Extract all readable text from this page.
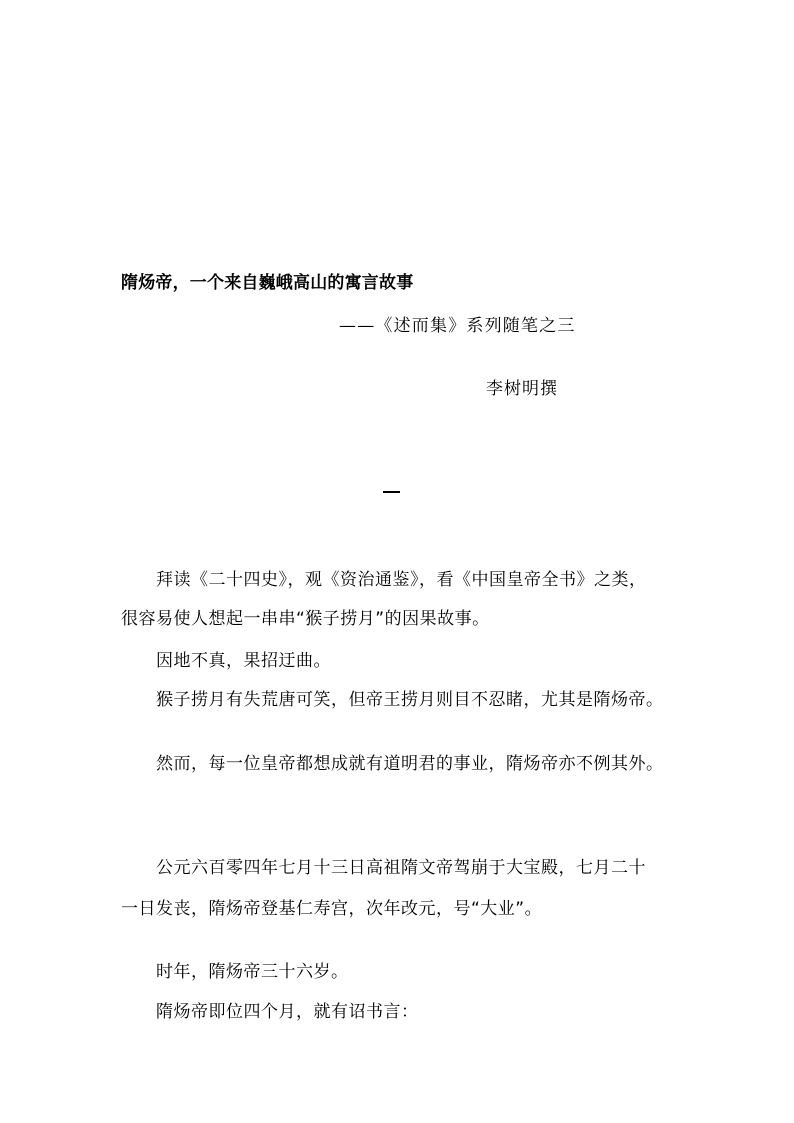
隋炀帝，一个来自巍峨高山的寓言故事
——《述而集》系列随笔之三
李树明撰
拜读《二十四史》，观《资治通鉴》，看《中国皇帝全书》之类，
很容易使人想起一串串“猴子捞月”的因果故事。
因地不真，果招迂曲。
猴子捞月有失荒唐可笑，但帝王捞月则目不忍睹，尤其是隋炀帝。
然而，每一位皇帝都想成就有道明君的事业，隋炀帝亦不例其外。
公元六百零四年七月十三日高祖隋文帝驾崩于大宝殿，七月二十
一日发丧，隋炀帝登基仁寿宫，次年改元，号“大业”。
时年，隋炀帝三十六岁。
隋炀帝即位四个月，就有诏书言：
